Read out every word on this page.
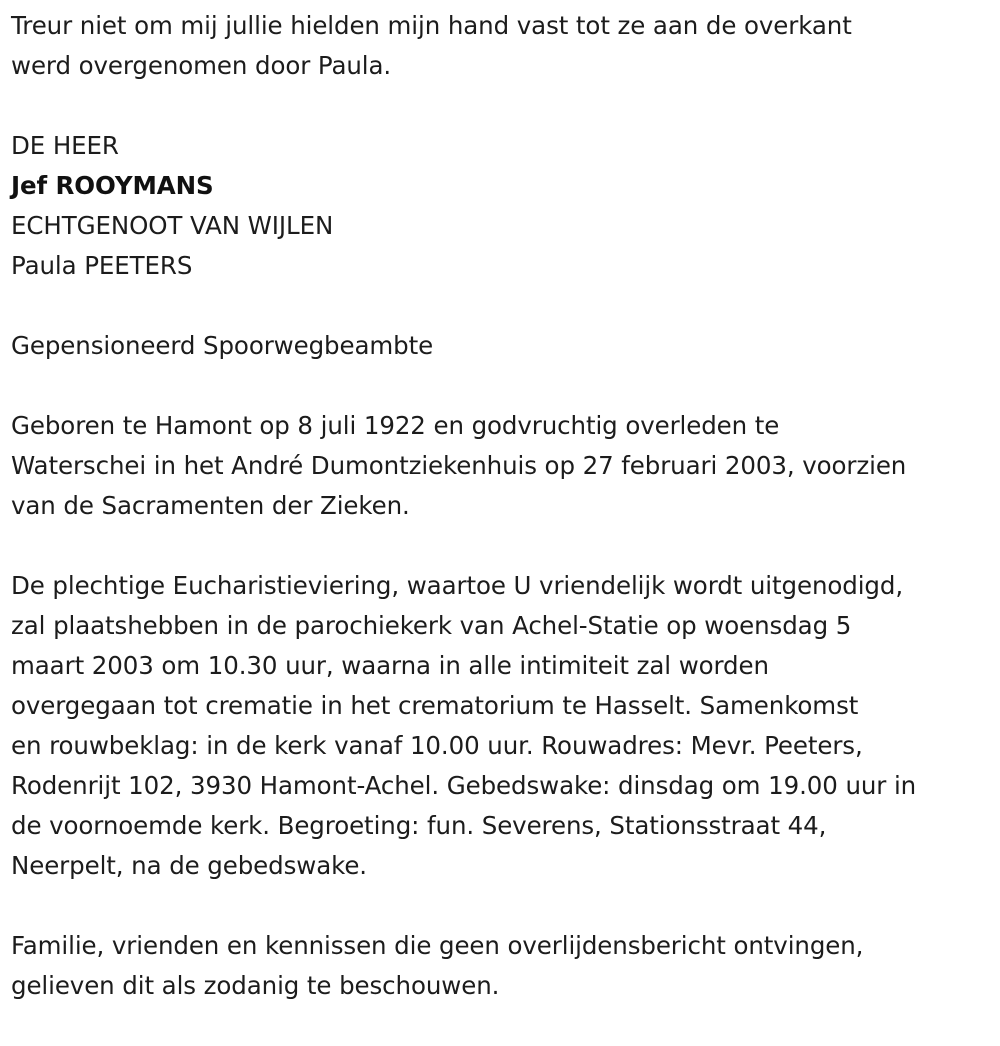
Treur niet om mij jullie hielden mijn hand vast tot ze aan de overkant
werd overgenomen door Paula.

DE HEER
Jef ROOYMANS
ECHTGENOOT VAN WIJLEN
Paula PEETERS

Gepensioneerd Spoorwegbeambte

Geboren te Hamont op 8 juli 1922 en godvruchtig overleden te
Waterschei in het André Dumontziekenhuis op 27 februari 2003, voorzien
van de Sacramenten der Zieken.

De plechtige Eucharistieviering, waartoe U vriendelijk wordt uitgenodigd,
zal plaatshebben in de parochiekerk van Achel-Statie op woensdag 5
maart 2003 om 10.30 uur, waarna in alle intimiteit zal worden
overgegaan tot crematie in het crematorium te Hasselt. Samenkomst
en rouwbeklag: in de kerk vanaf 10.00 uur. Rouwadres: Mevr. Peeters,
Rodenrijt 102, 3930 Hamont-Achel. Gebedswake: dinsdag om 19.00 uur in
de voornoemde kerk. Begroeting: fun. Severens, Stationsstraat 44,
Neerpelt, na de gebedswake.

Familie, vrienden en kennissen die geen overlijdensbericht ontvingen,
gelieven dit als zodanig te beschouwen.
